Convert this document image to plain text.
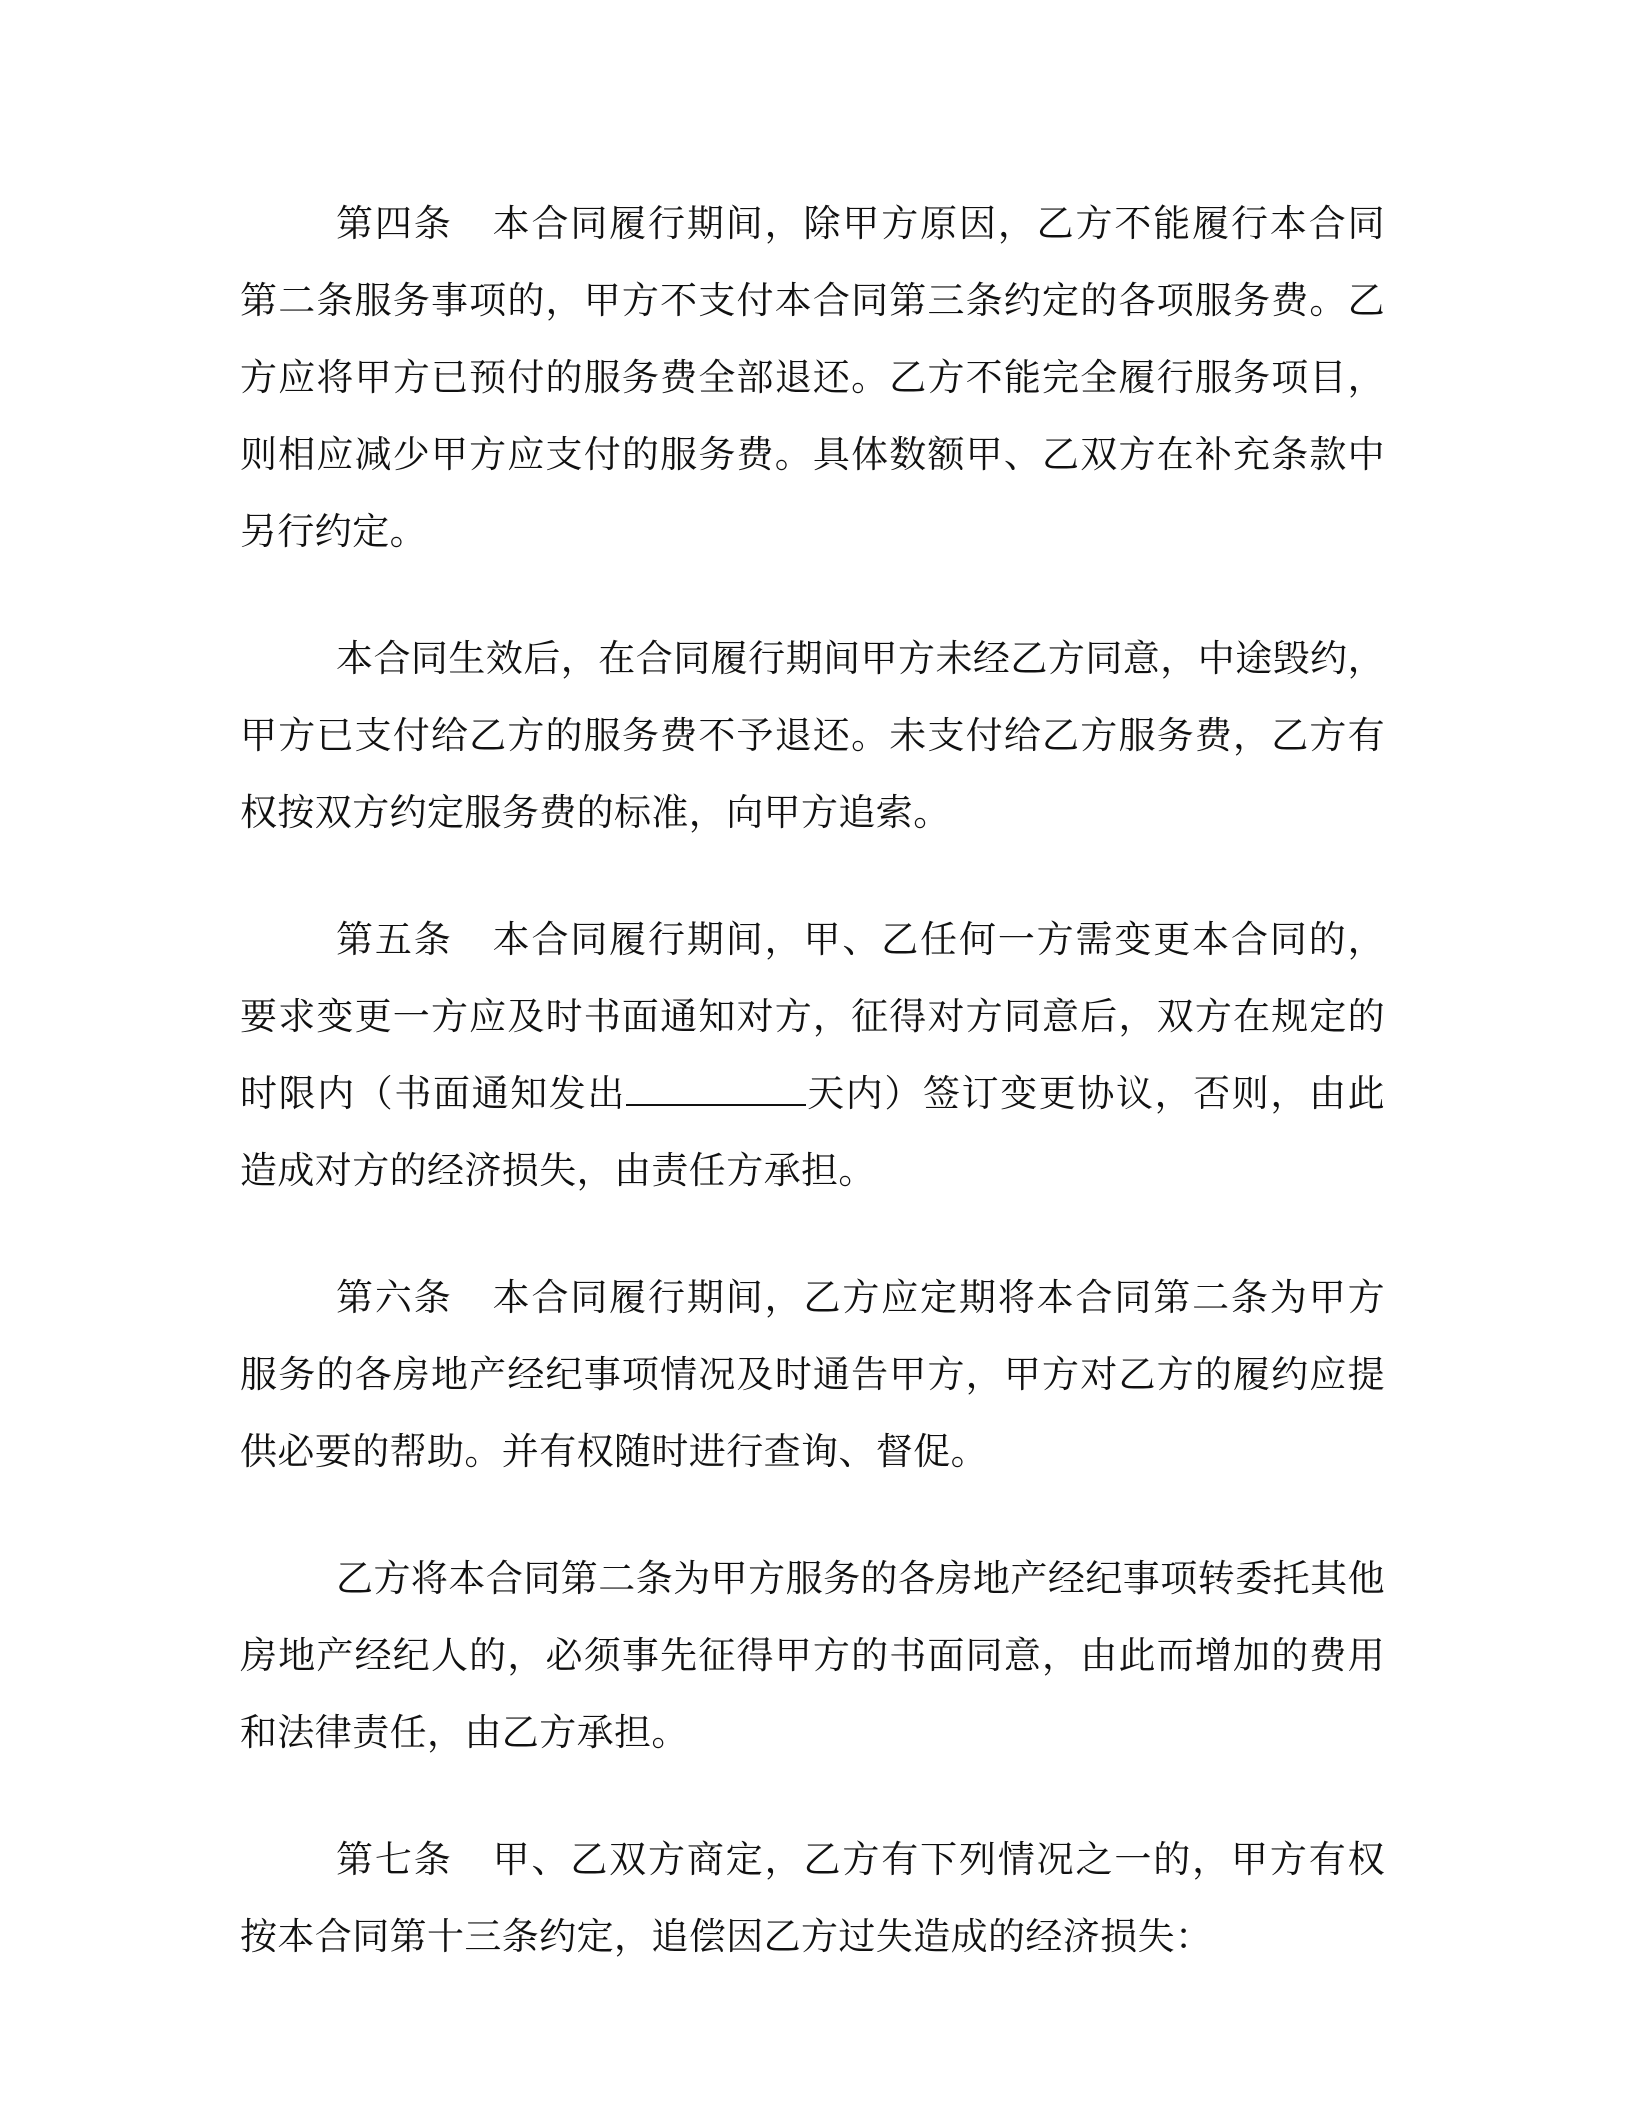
第四条 本合同履行期间，除甲方原因，乙方不能履行本合同第二条服务事项的，甲方不支付本合同第三条约定的各项服务费。乙方应将甲方已预付的服务费全部退还。乙方不能完全履行服务项目，则相应减少甲方应支付的服务费。具体数额甲、乙双方在补充条款中另行约定。

本合同生效后，在合同履行期间甲方未经乙方同意，中途毁约，甲方已支付给乙方的服务费不予退还。未支付给乙方服务费，乙方有权按双方约定服务费的标准，向甲方追索。

第五条 本合同履行期间，甲、乙任何一方需变更本合同的，要求变更一方应及时书面通知对方，征得对方同意后，双方在规定的时限内（书面通知发出	天内）签订变更协议，否则，由此造成对方的经济损失，由责任方承担。

第六条 本合同履行期间，乙方应定期将本合同第二条为甲方服务的各房地产经纪事项情况及时通告甲方，甲方对乙方的履约应提供必要的帮助。并有权随时进行查询、督促。

乙方将本合同第二条为甲方服务的各房地产经纪事项转委托其他房地产经纪人的，必须事先征得甲方的书面同意，由此而增加的费用和法律责任，由乙方承担。

第七条 甲、乙双方商定，乙方有下列情况之一的，甲方有权按本合同第十三条约定，追偿因乙方过失造成的经济损失：
